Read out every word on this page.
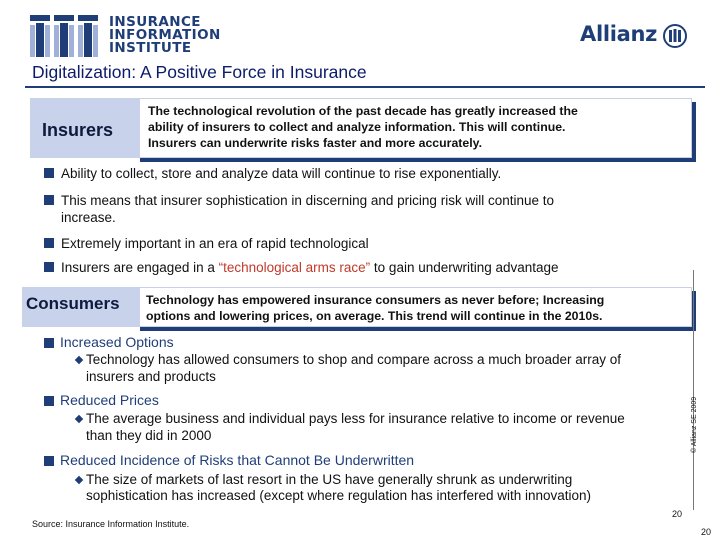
INSURANCE
INFORMATION
INSTITUTE
Allianz
Digitalization: A Positive Force in Insurance
Insurers
The technological revolution of the past decade has greatly increased the
ability of insurers to collect and analyze information. This will continue.
Insurers can underwrite risks faster and more accurately.
Ability to collect, store and analyze data will continue to rise exponentially.
This means that insurer sophistication in discerning and pricing risk will continue to
increase.
Extremely important in an era of rapid technological
Insurers are engaged in a “technological arms race” to gain underwriting advantage
Consumers Technology has empowered insurance consumers as never before; Increasing
options and lowering prices, on average. This trend will continue in the 2010s.
Increased Options
Technology has allowed consumers to shop and compare across a much broader array of
insurers and products
Reduced Prices
The average business and individual pays less for insurance relative to income or revenue
than they did in 2000
Reduced Incidence of Risks that Cannot Be Underwritten
The size of markets of last resort in the US have generally shrunk as underwriting
sophistication has increased (except where regulation has interfered with innovation)
© Allianz SE 2009
Source: Insurance Information Institute.
20
20
